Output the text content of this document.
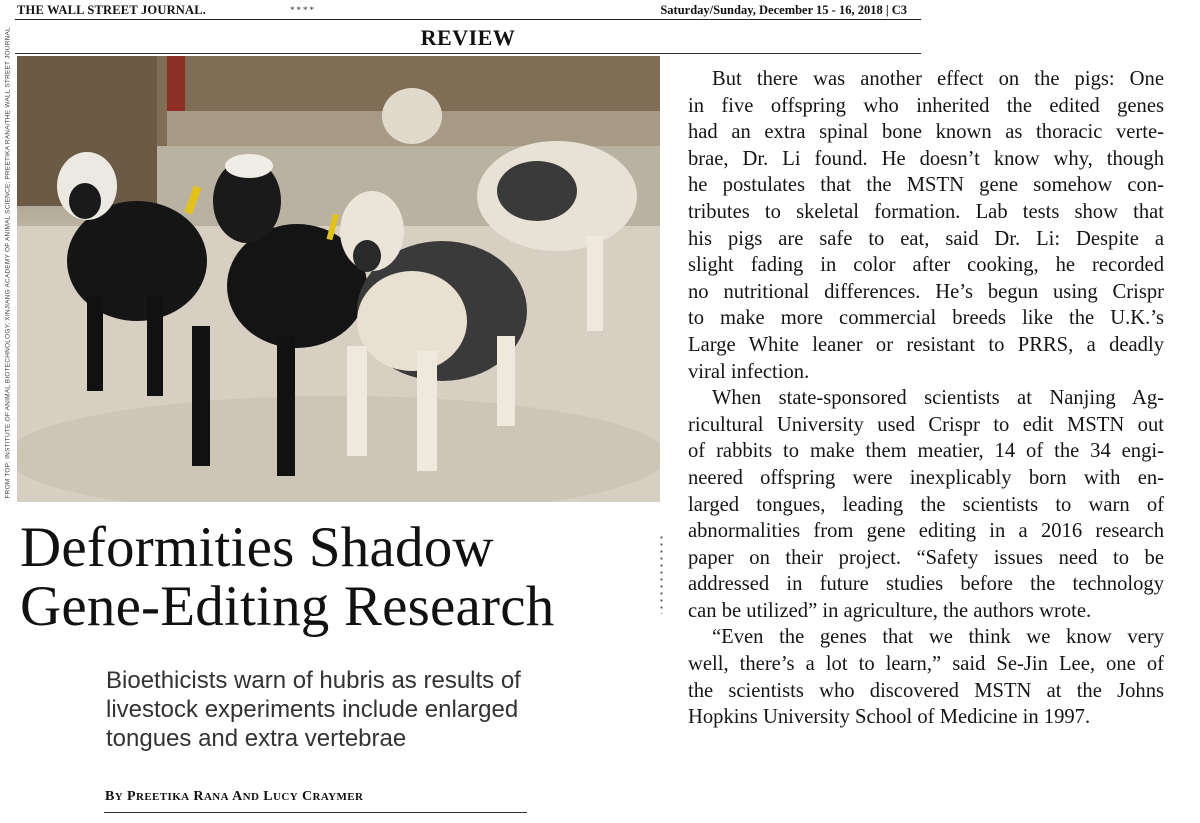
THE WALL STREET JOURNAL.	****	Saturday/Sunday, December 15 - 16, 2018 | C3
REVIEW
FROM TOP: INSTITUTE OF ANIMAL BIOTECHNOLOGY, XINJIANG ACADEMY OF ANIMAL SCIENCE; PREETIKA RANA/THE WALL STREET JOURNAL
Deformities Shadow
Gene-Editing Research

Bioethicists warn of hubris as results of livestock experiments include enlarged tongues and extra vertebrae

BY PREETIKA RANA AND LUCY CRAYMER

But there was another effect on the pigs: One
in five offspring who inherited the edited genes
had an extra spinal bone known as thoracic verte-
brae, Dr. Li found. He doesn’t know why, though
he postulates that the MSTN gene somehow con-
tributes to skeletal formation. Lab tests show that
his pigs are safe to eat, said Dr. Li: Despite a
slight fading in color after cooking, he recorded
no nutritional differences. He’s begun using Crispr
to make more commercial breeds like the U.K.’s
Large White leaner or resistant to PRRS, a deadly
viral infection.

When state-sponsored scientists at Nanjing Ag-
ricultural University used Crispr to edit MSTN out
of rabbits to make them meatier, 14 of the 34 engi-
neered offspring were inexplicably born with en-
larged tongues, leading the scientists to warn of
abnormalities from gene editing in a 2016 research
paper on their project. “Safety issues need to be
addressed in future studies before the technology
can be utilized” in agriculture, the authors wrote.

“Even the genes that we think we know very
well, there’s a lot to learn,” said Se-Jin Lee, one of
the scientists who discovered MSTN at the Johns
Hopkins University School of Medicine in 1997.
